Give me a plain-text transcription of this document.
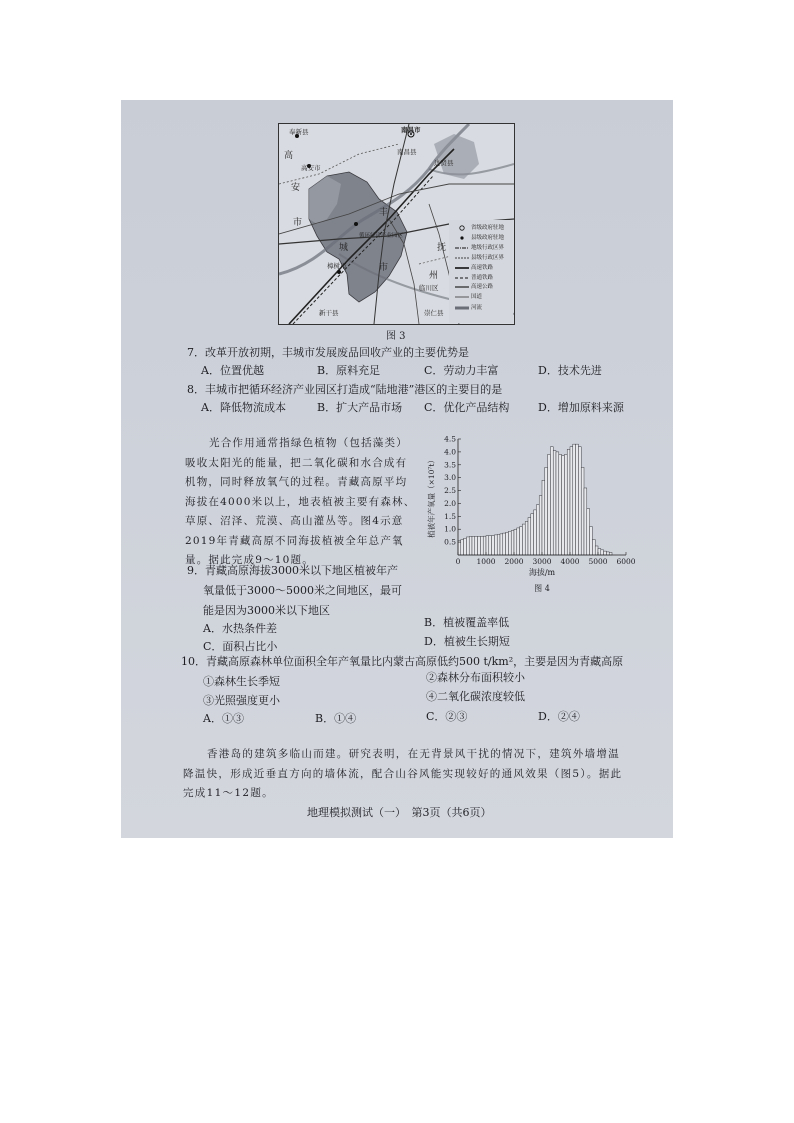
奉新县	南昌市
南昌县
高
安
市
高安市
丰
城
市
抚
州
樟树市
新干县
临川区
进贤县
崇仁县
循环经济产业园区
省级政府驻地
县级政府驻地
地级行政区界
县级行政区界
高速铁路
普通铁路
高速公路
国道
河流
图 3
7．改革开放初期，丰城市发展废品回收产业的主要优势是
A．位置优越	B．原料充足	C．劳动力丰富	D．技术先进
8．丰城市把循环经济产业园区打造成“陆地港”港区的主要目的是
A．降低物流成本	B．扩大产品市场 C．优化产品结构	D．增加原料来源
光合作用通常指绿色植物（包括藻类）
吸收太阳光的能量，把二氧化碳和水合成有
机物，同时释放氧气的过程。青藏高原平均
海拔在4000米以上，地表植被主要有森林、
草原、沼泽、荒漠、高山灌丛等。图4示意
2019年青藏高原不同海拔植被全年总产氧
量。据此完成9～10题。
0.5
1.0
1.5
2.0
2.5
3.0
3.5
4.0
4.5
0 1000 2000 3000 4000 5000 6000
海拔/m
植被年产氧量（×10⁷t）
图 4
9．青藏高原海拔3000米以下地区植被年产
氧量低于3000～5000米之间地区，最可
能是因为3000米以下地区
A．水热条件差	B．植被覆盖率低
C．面积占比小	D．植被生长期短
10．青藏高原森林单位面积全年产氧量比内蒙古高原低约500 t/km²，主要是因为青藏高原
①森林生长季短	②森林分布面积较小
③光照强度更小	④二氧化碳浓度较低
A．①③	B．①④	C．②③	D．②④
香港岛的建筑多临山而建。研究表明，在无背景风干扰的情况下，建筑外墙增温
降温快，形成近垂直方向的墙体流，配合山谷风能实现较好的通风效果（图5）。据此
完成11～12题。
地理模拟测试（一）　第3页（共6页）
